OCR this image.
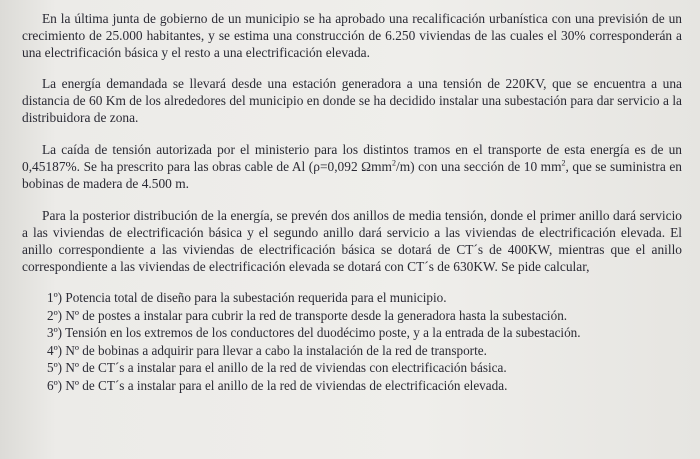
En la última junta de gobierno de un municipio se ha aprobado una recalificación urbanística con una previsión de un crecimiento de 25.000 habitantes, y se estima una construcción de 6.250 viviendas de las cuales el 30% corresponderán a una electrificación básica y el resto a una electrificación elevada.

La energía demandada se llevará desde una estación generadora a una tensión de 220KV, que se encuentra a una distancia de 60 Km de los alrededores del municipio en donde se ha decidido instalar una subestación para dar servicio a la distribuidora de zona.

La caída de tensión autorizada por el ministerio para los distintos tramos en el transporte de esta energía es de un 0,45187%. Se ha prescrito para las obras cable de Al (ρ=0,092 Ωmm$^2$/m) con una sección de 10 $mm^2$, que se suministra en bobinas de madera de 4.500 m.

Para la posterior distribución de la energía, se prevén dos anillos de media tensión, donde el primer anillo dará servicio a las viviendas de electrificación básica y el segundo anillo dará servicio a las viviendas de electrificación elevada. El anillo correspondiente a las viviendas de electrificación básica se dotará de CT´s de 400KW, mientras que el anillo correspondiente a las viviendas de electrificación elevada se dotará con CT´s de 630KW. Se pide calcular,

1º) Potencia total de diseño para la subestación requerida para el municipio.
2º) Nº de postes a instalar para cubrir la red de transporte desde la generadora hasta la subestación.
3º) Tensión en los extremos de los conductores del duodécimo poste, y a la entrada de la subestación.
4º) Nº de bobinas a adquirir para llevar a cabo la instalación de la red de transporte.
5º) Nº de CT´s a instalar para el anillo de la red de viviendas con electrificación básica.
6º) Nº de CT´s a instalar para el anillo de la red de viviendas de electrificación elevada.
